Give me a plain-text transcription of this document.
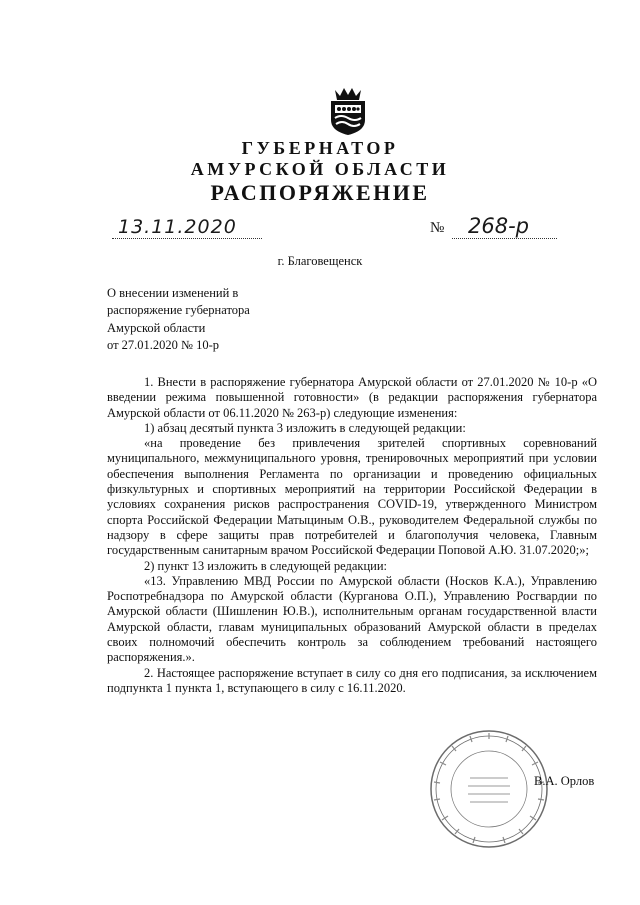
ГУБЕРНАТОР
АМУРСКОЙ ОБЛАСТИ
РАСПОРЯЖЕНИЕ
13.11.2020	№ 268-р
г. Благовещенск
О внесении изменений в
распоряжение губернатора
Амурской области
от 27.01.2020 № 10-р

1. Внести в распоряжение губернатора Амурской области от 27.01.2020 № 10-р «О введении режима повышенной готовности» (в редакции распоряжения губернатора Амурской области от 06.11.2020 № 263-р) следующие изменения:

1) абзац десятый пункта 3 изложить в следующей редакции:

«на проведение без привлечения зрителей спортивных соревнований муниципального, межмуниципального уровня, тренировочных мероприятий при условии обеспечения выполнения Регламента по организации и проведению официальных физкультурных и спортивных мероприятий на территории Российской Федерации в условиях сохранения рисков распространения COVID-19, утвержденного Министром спорта Российской Федерации Матыциным О.В., руководителем Федеральной службы по надзору в сфере защиты прав потребителей и благополучия человека, Главным государственным санитарным врачом Российской Федерации Поповой А.Ю. 31.07.2020;»;

2) пункт 13 изложить в следующей редакции:

«13. Управлению МВД России по Амурской области (Носков К.А.), Управлению Роспотребнадзора по Амурской области (Курганова О.П.), Управлению Росгвардии по Амурской области (Шишленин Ю.В.), исполнительным органам государственной власти Амурской области, главам муниципальных образований Амурской области в пределах своих полномочий обеспечить контроль за соблюдением требований настоящего распоряжения.».

2. Настоящее распоряжение вступает в силу со дня его подписания, за исключением подпункта 1 пункта 1, вступающего в силу с 16.11.2020.

В.А. Орлов
